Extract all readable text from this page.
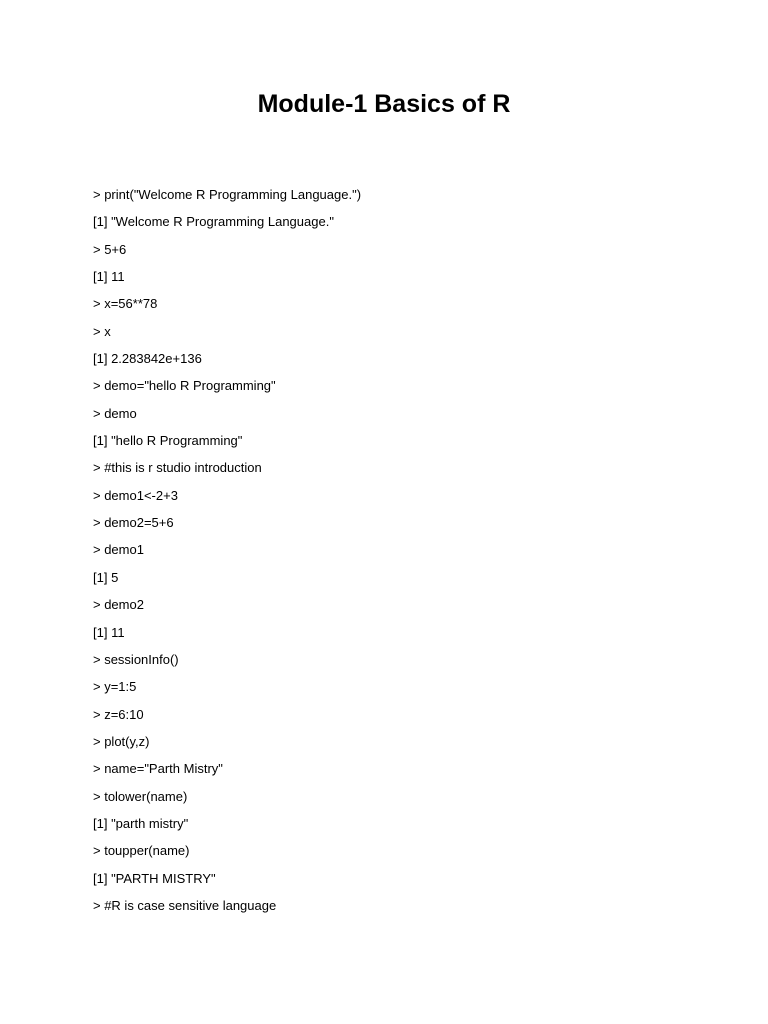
Module-1 Basics of R
> print("Welcome R Programming Language.")
[1] "Welcome R Programming Language."
> 5+6
[1] 11
> x=56**78
> x
[1] 2.283842e+136
> demo="hello R Programming"
> demo
[1] "hello R Programming"
> #this is r studio introduction
> demo1<-2+3
> demo2=5+6
> demo1
[1] 5
> demo2
[1] 11
> sessionInfo()
> y=1:5
> z=6:10
> plot(y,z)
> name="Parth Mistry"
> tolower(name)
[1] "parth mistry"
> toupper(name)
[1] "PARTH MISTRY"
> #R is case sensitive language
